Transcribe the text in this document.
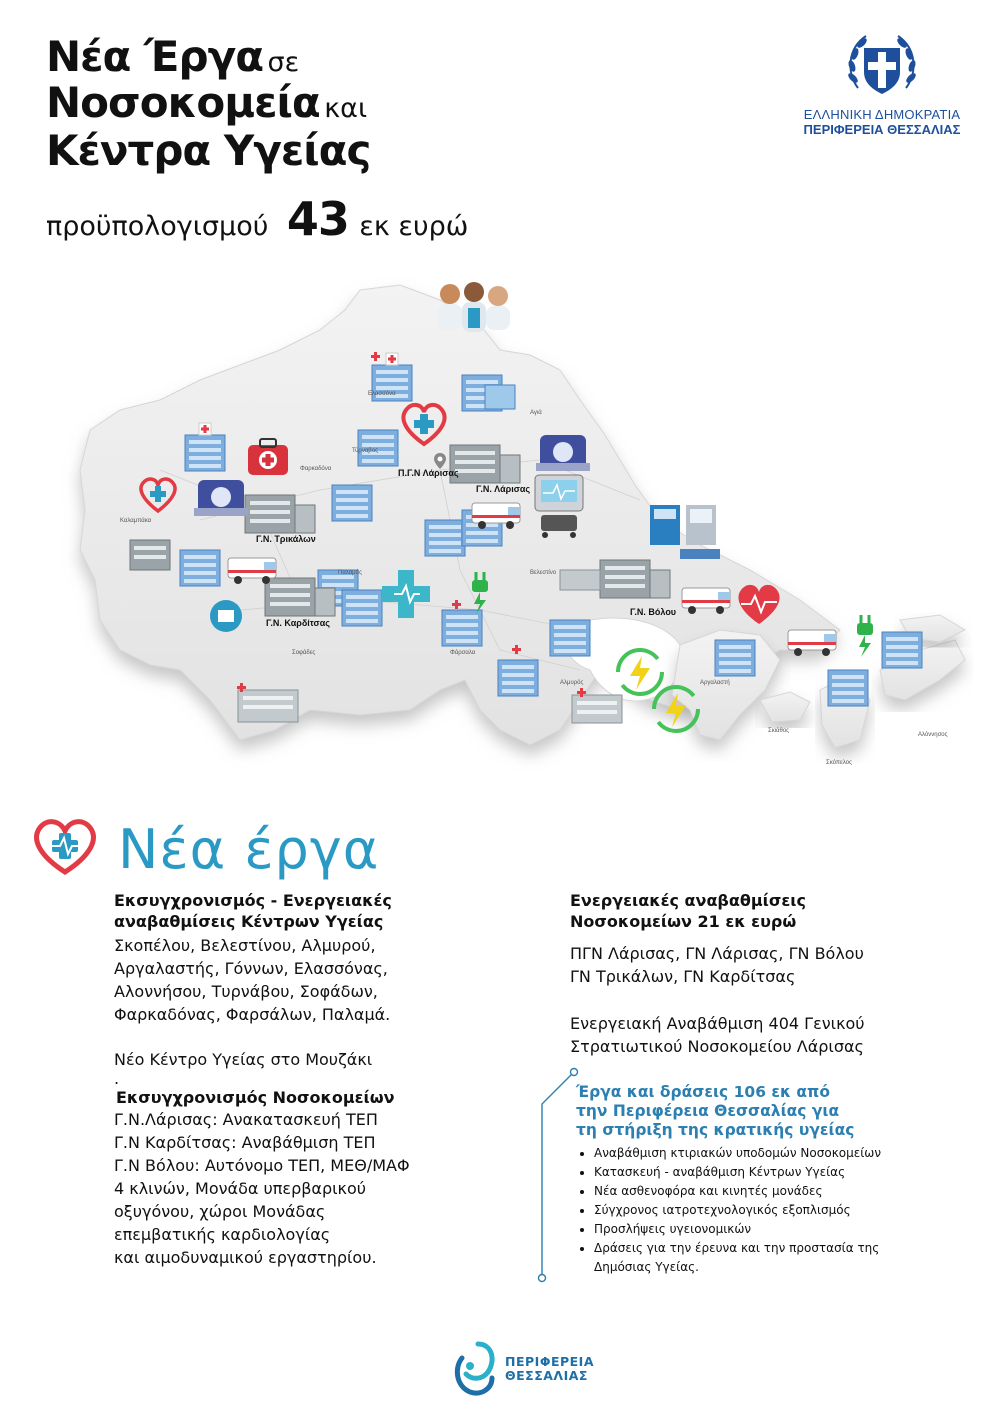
Νέα Έργα σε
Νοσοκομεία και
Κέντρα Υγείας
προϋπολογισμού 43 εκ ευρώ
ΕΛΛΗΝΙΚΗ ΔΗΜΟΚΡΑΤΙΑ
ΠΕΡΙΦΕΡΕΙΑ ΘΕΣΣΑΛΙΑΣ
Π.Γ.Ν Λάρισας
Γ.Ν. Λάρισας
Γ.Ν. Τρικάλων
Γ.Ν. Καρδίτσας
Γ.Ν. Βόλου
Ελασσόνα
Αγιά
Τύρναβος
Φάρσαλα
Σκιάθος
Σκόπελος
Αλόννησος
Καλαμπάκα
Σοφάδες
Παλαμάς
Αλμυρός
Φαρκαδόνα
Βελεστίνο
Αργαλαστή
Νέα έργα
Εκσυγχρονισμός - Ενεργειακές αναβαθμίσεις Κέντρων Υγείας
Σκοπέλου, Βελεστίνου, Αλμυρού,
Αργαλαστής, Γόννων, Ελασσόνας,
Αλοννήσου, Τυρνάβου, Σοφάδων,
Φαρκαδόνας, Φαρσάλων, Παλαμά.
Νέο Κέντρο Υγείας στο Μουζάκι
.
Εκσυγχρονισμός Νοσοκομείων
Γ.Ν.Λάρισας: Ανακατασκευή ΤΕΠ
Γ.Ν Καρδίτσας: Αναβάθμιση ΤΕΠ
Γ.Ν Βόλου: Αυτόνομο ΤΕΠ, ΜΕΘ/ΜΑΦ
4 κλινών, Μονάδα υπερβαρικού
οξυγόνου, χώροι Μονάδας
επεμβατικής καρδιολογίας
και αιμοδυναμικού εργαστηρίου.
Ενεργειακές αναβαθμίσεις
Νοσοκομείων 21 εκ ευρώ
ΠΓΝ Λάρισας, ΓΝ Λάρισας, ΓΝ Βόλου
ΓΝ Τρικάλων, ΓΝ Καρδίτσας
Ενεργειακή Αναβάθμιση 404 Γενικού
Στρατιωτικού Νοσοκομείου Λάρισας
Έργα και δράσεις 106 εκ από
την Περιφέρεια Θεσσαλίας για
τη στήριξη της κρατικής υγείας
• Αναβάθμιση κτιριακών υποδομών Νοσοκομείων
• Κατασκευή - αναβάθμιση Κέντρων Υγείας
• Νέα ασθενοφόρα και κινητές μονάδες
• Σύγχρονος ιατροτεχνολογικός εξοπλισμός
• Προσλήψεις υγειονομικών
• Δράσεις για την έρευνα και την προστασία της Δημόσιας Υγείας.
ΠΕΡΙΦΕΡΕΙΑ
ΘΕΣΣΑΛΙΑΣ
